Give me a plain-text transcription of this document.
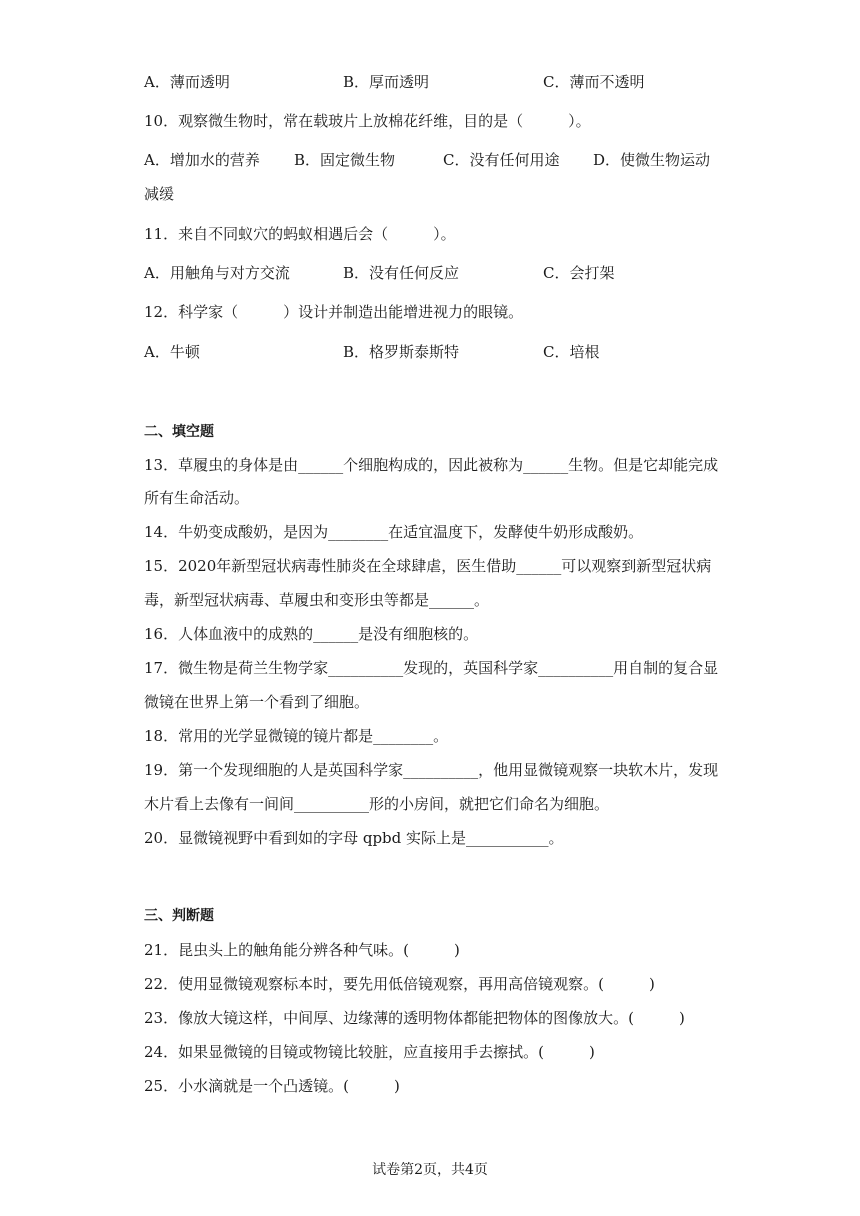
A．薄而透明	B．厚而透明	C．薄而不透明
10．观察微生物时，常在载玻片上放棉花纤维，目的是（　　　）。
A．增加水的营养 B．固定微生物	C．没有任何用途 D．使微生物运动
减缓
11．来自不同蚁穴的蚂蚁相遇后会（　　　）。
A．用触角与对方交流	B．没有任何反应	C．会打架
12．科学家（　　　）设计并制造出能增进视力的眼镜。
A．牛顿	B．格罗斯泰斯特	C．培根
二、填空题
13．草履虫的身体是由______个细胞构成的，因此被称为______生物。但是它却能完成
所有生命活动。
14．牛奶变成酸奶，是因为________在适宜温度下，发酵使牛奶形成酸奶。
15．2020年新型冠状病毒性肺炎在全球肆虐，医生借助______可以观察到新型冠状病
毒，新型冠状病毒、草履虫和变形虫等都是______。
16．人体血液中的成熟的______是没有细胞核的。
17．微生物是荷兰生物学家__________发现的，英国科学家__________用自制的复合显
微镜在世界上第一个看到了细胞。
18．常用的光学显微镜的镜片都是________。
19．第一个发现细胞的人是英国科学家__________，他用显微镜观察一块软木片，发现
木片看上去像有一间间__________形的小房间，就把它们命名为细胞。
20．显微镜视野中看到如的字母 qpbd 实际上是___________。
三、判断题
21．昆虫头上的触角能分辨各种气味。(　　　)
22．使用显微镜观察标本时，要先用低倍镜观察，再用高倍镜观察。(　　　)
23．像放大镜这样，中间厚、边缘薄的透明物体都能把物体的图像放大。(　　　)
24．如果显微镜的目镜或物镜比较脏，应直接用手去擦拭。(　　　)
25．小水滴就是一个凸透镜。(　　　)
试卷第2页，共4页
